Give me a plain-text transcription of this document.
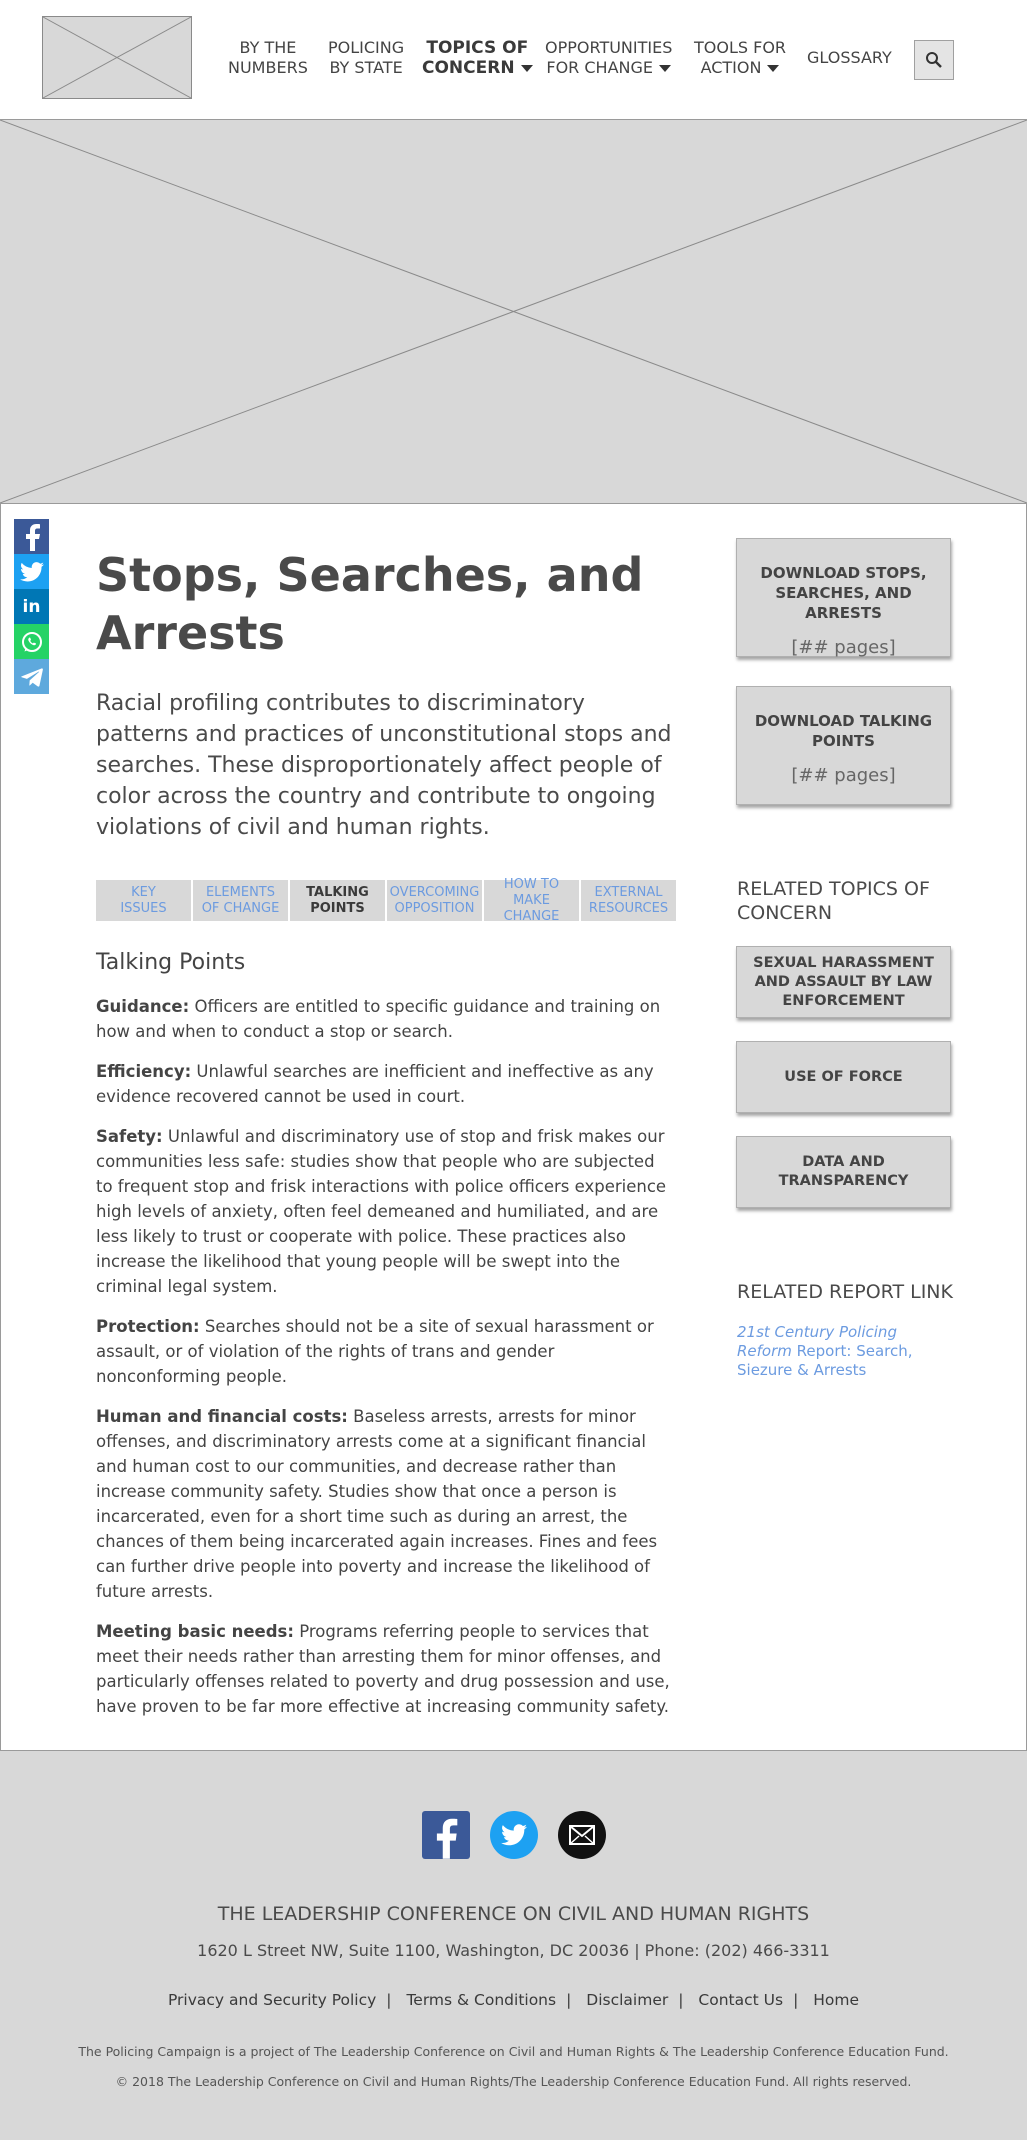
BY THE
NUMBERS
POLICING
BY STATE
TOPICS OF
CONCERN
OPPORTUNITIES
FOR CHANGE
TOOLS FOR
ACTION
GLOSSARY
in
Stops, Searches, and
Arrests
Racial profiling contributes to discriminatory patterns and practices of unconstitutional stops and searches. These disproportionately affect people of color across the country and contribute to ongoing violations of civil and human rights.
KEY
ISSUES
ELEMENTS
OF CHANGE
TALKING
POINTS
OVERCOMING
OPPOSITION
HOW TO MAKE
CHANGE
EXTERNAL
RESOURCES
Talking Points

Guidance: Officers are entitled to specific guidance and training on how and when to conduct a stop or search.

Efficiency: Unlawful searches are inefficient and ineffective as any evidence recovered cannot be used in court.

Safety: Unlawful and discriminatory use of stop and frisk makes our communities less safe: studies show that people who are subjected to frequent stop and frisk interactions with police officers experience high levels of anxiety, often feel demeaned and humiliated, and are less likely to trust or cooperate with police. These practices also increase the likelihood that young people will be swept into the criminal legal system.

Protection: Searches should not be a site of sexual harassment or assault, or of violation of the rights of trans and gender nonconforming people.

Human and financial costs: Baseless arrests, arrests for minor offenses, and discriminatory arrests come at a significant financial and human cost to our communities, and decrease rather than increase community safety. Studies show that once a person is incarcerated, even for a short time such as during an arrest, the chances of them being incarcerated again increases. Fines and fees can further drive people into poverty and increase the likelihood of future arrests.

Meeting basic needs: Programs referring people to services that meet their needs rather than arresting them for minor offenses, and particularly offenses related to poverty and drug possession and use, have proven to be far more effective at increasing community safety.

DOWNLOAD STOPS,
SEARCHES, AND ARRESTS
[## pages]
DOWNLOAD TALKING
POINTS
[## pages]
RELATED TOPICS OF
CONCERN
SEXUAL HARASSMENT AND ASSAULT BY LAW ENFORCEMENT
USE OF FORCE
DATA AND TRANSPARENCY
RELATED REPORT LINK
21st Century Policing Reform Report: Search, Siezure & Arrests
THE LEADERSHIP CONFERENCE ON CIVIL AND HUMAN RIGHTS
1620 L Street NW, Suite 1100, Washington, DC 20036 | Phone: (202) 466-3311
Privacy and Security Policy | Terms & Conditions | Disclaimer | Contact Us | Home
The Policing Campaign is a project of The Leadership Conference on Civil and Human Rights & The Leadership Conference Education Fund.
© 2018 The Leadership Conference on Civil and Human Rights/The Leadership Conference Education Fund. All rights reserved.
